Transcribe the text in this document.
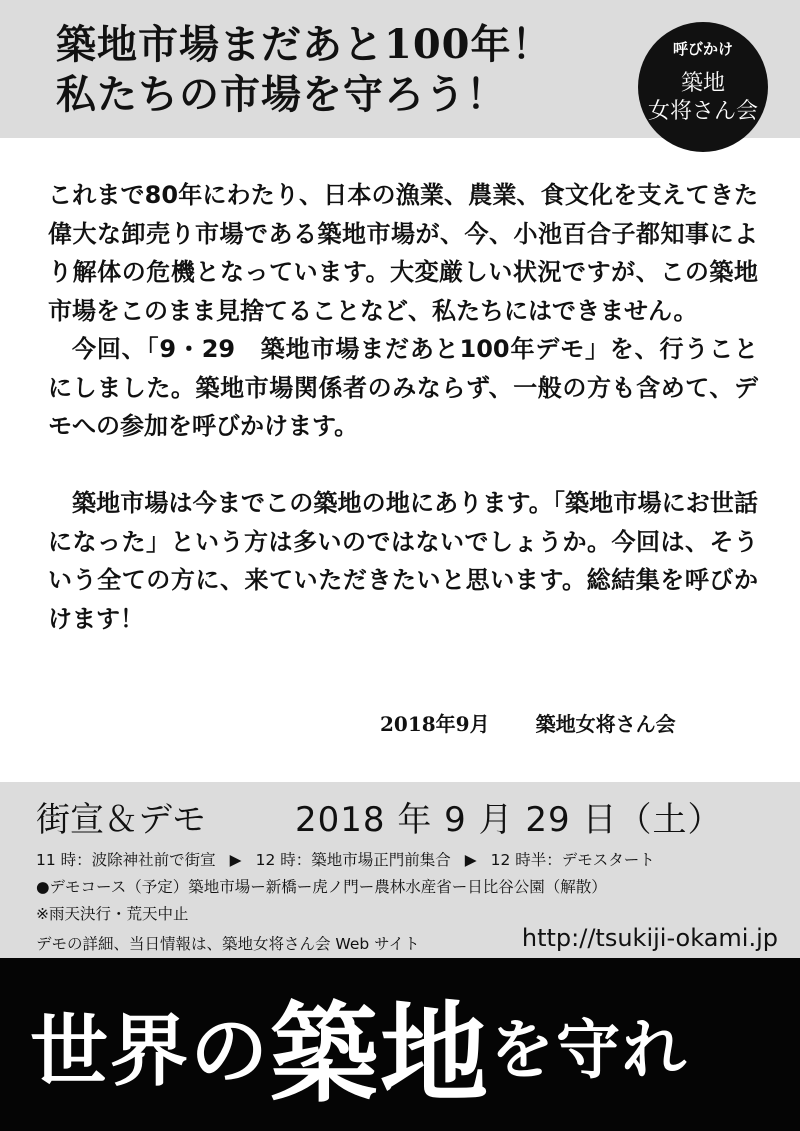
築地市場まだあと100年！
私たちの市場を守ろう！
呼びかけ
築地
女将さん会

これまで80年にわたり、日本の漁業、農業、食文化を支えてきた偉大な卸売り市場である築地市場が、今、小池百合子都知事により解体の危機となっています。大変厳しい状況ですが、この築地市場をこのまま見捨てることなど、私たちにはできません。

今回、「9・29　築地市場まだあと100年デモ」を、行うことにしました。築地市場関係者のみならず、一般の方も含めて、デモへの参加を呼びかけます。

築地市場は今までこの築地の地にあります。「築地市場にお世話になった」という方は多いのではないでしょうか。今回は、そういう全ての方に、来ていただきたいと思います。総結集を呼びかけます！

2018年9月 築地女将さん会
街宣＆デモ	2018 年 9 月 29 日（土）
11 時：波除神社前で街宣 ▶ 12 時：築地市場正門前集合 ▶ 12 時半：デモスタート
●デモコース（予定）築地市場ー新橋ー虎ノ門ー農林水産省ー日比谷公園（解散）
※雨天決行・荒天中止
デモの詳細、当日情報は、築地女将さん会 Web サイト	http://tsukiji-okami.jp
世界の 築地 を守れ
